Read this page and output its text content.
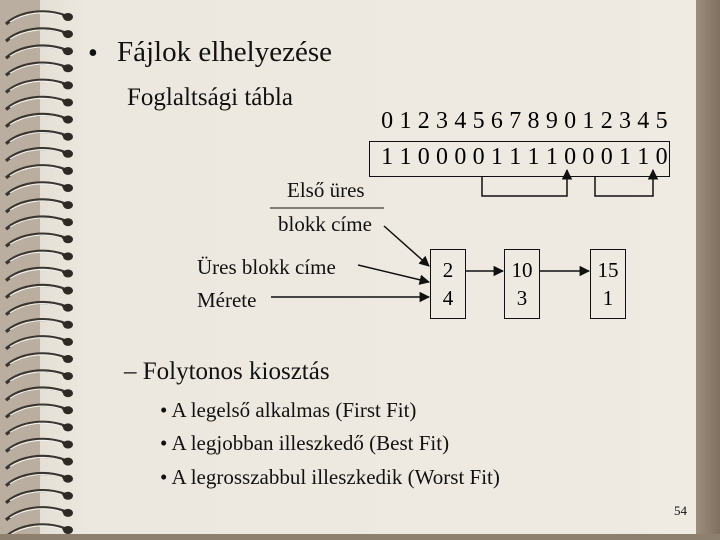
• Fájlok elhelyezése
Foglaltsági tábla
0 1 2 3 4 5 6 7 8 9 0 1 2 3 4 5
1 1 0 0 0 0 1 1 1 1 0 0 0 1 1 0
Első üres
blokk címe
Üres blokk címe
Mérete
2
4
10
3
15
1
– Folytonos kiosztás
• A legelső alkalmas (First Fit)
• A legjobban illeszkedő (Best Fit)
• A legrosszabbul illeszkedik (Worst Fit)
54
